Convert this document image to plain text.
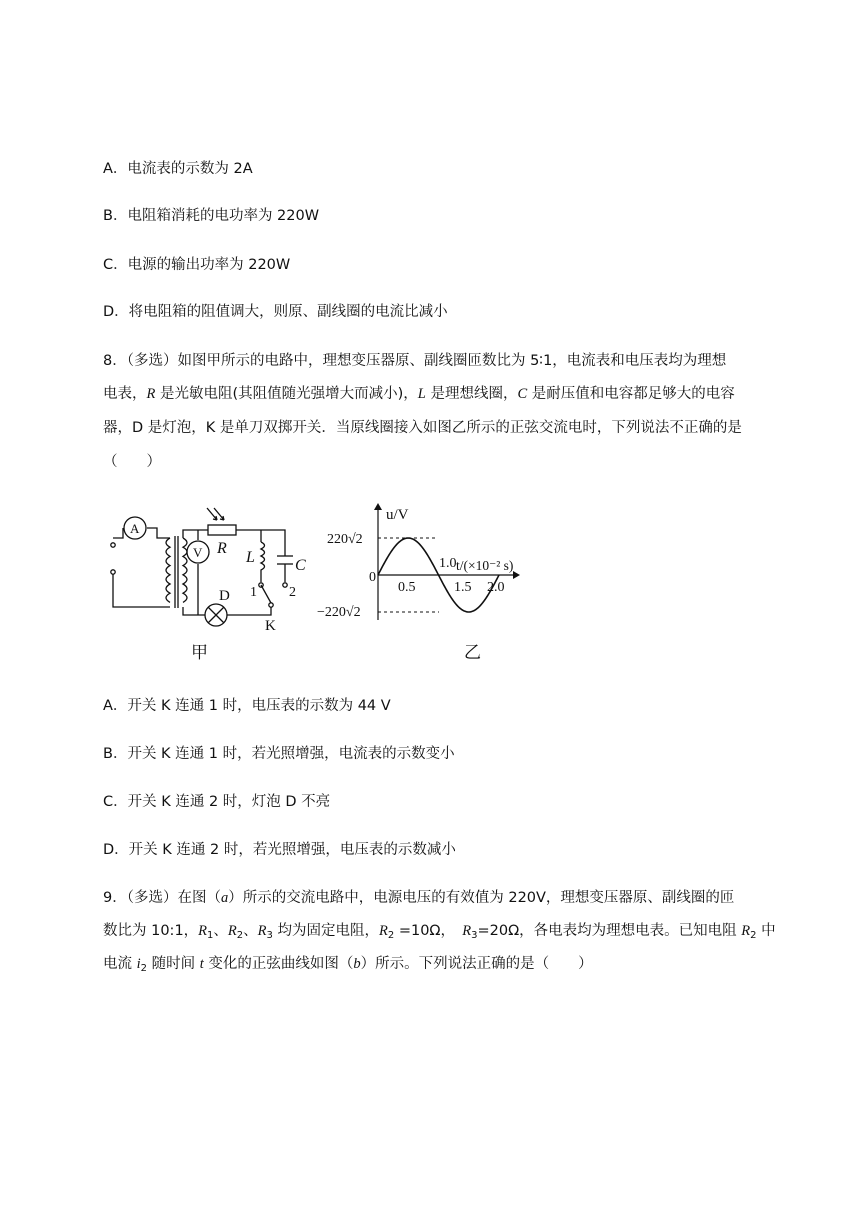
A．电流表的示数为 2A
B．电阻箱消耗的电功率为 220W
C．电源的输出功率为 220W
D．将电阻箱的阻值调大，则原、副线圈的电流比减小
8．（多选）如图甲所示的电路中，理想变压器原、副线圈匝数比为 5∶1，电流表和电压表均为理想
电表，R 是光敏电阻(其阻值随光强增大而减小)，L 是理想线圈，C 是耐压值和电容都足够大的电容
器，D 是灯泡，K 是单刀双掷开关．当原线圈接入如图乙所示的正弦交流电时，下列说法不正确的是
（　　）
A
V R
L	C
D
K
1 2
甲
u/V
t/(×10⁻² s)
0
220√2
−220√2
0.5
1.0
1.5 2.0
乙
A．开关 K 连通 1 时，电压表的示数为 44 V
B．开关 K 连通 1 时，若光照增强，电流表的示数变小
C．开关 K 连通 2 时，灯泡 D 不亮
D．开关 K 连通 2 时，若光照增强，电压表的示数减小
9．（多选）在图（a）所示的交流电路中，电源电压的有效值为 220V，理想变压器原、副线圈的匝
数比为 10:1，$R_1$、$R_2$、$R_3$ 均为固定电阻，$R_2 =10\Omega$，　$R_3=20\Omega$，各电表均为理想电表。已知电阻 $R_2$ 中
电流 $i_2$ 随时间 t 变化的正弦曲线如图（b）所示。下列说法正确的是（　　）
